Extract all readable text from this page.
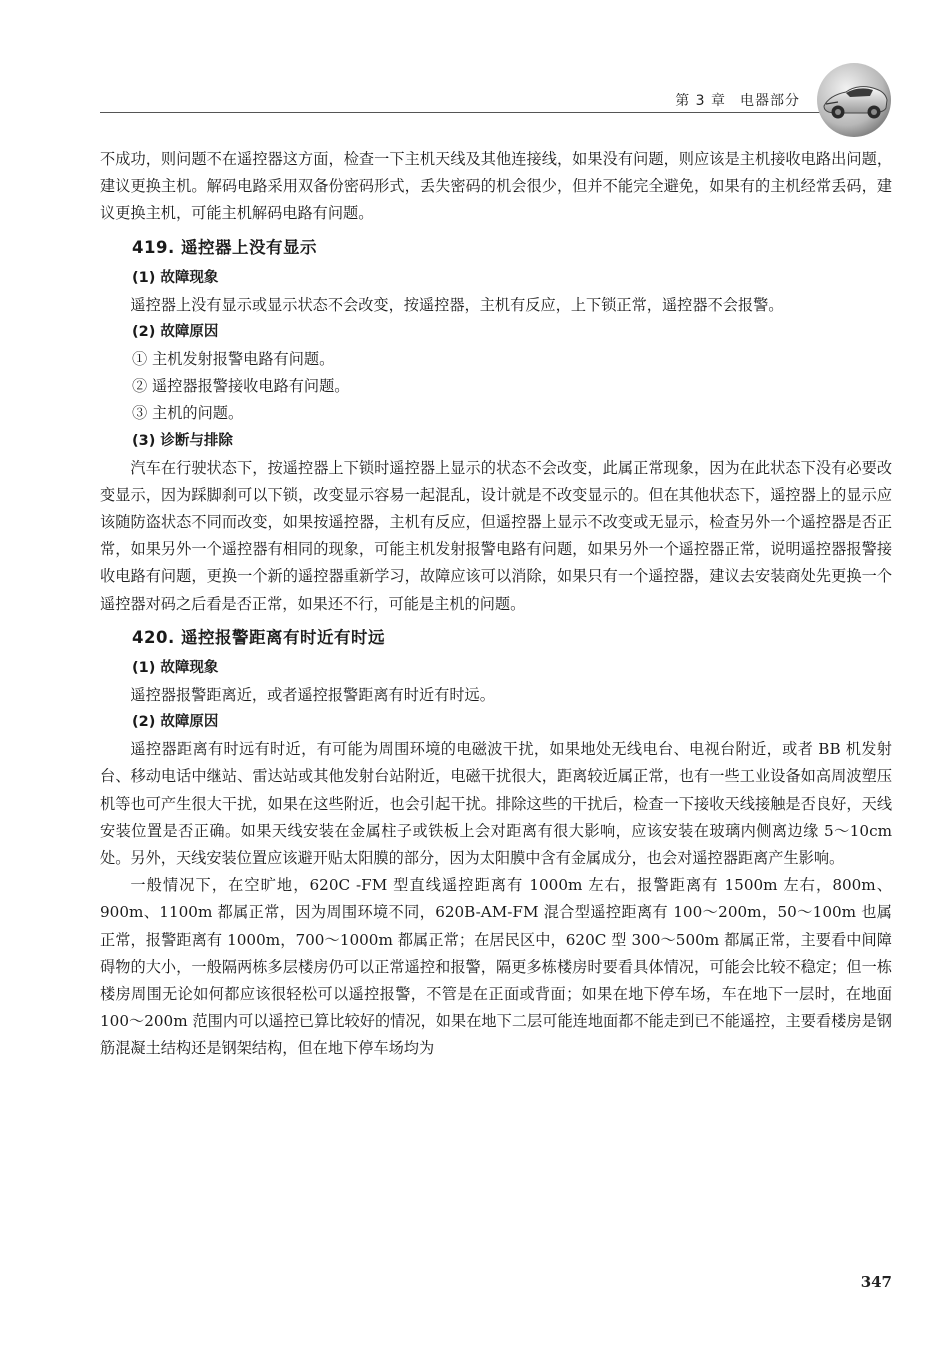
第 3 章 电器部分

不成功，则问题不在遥控器这方面，检查一下主机天线及其他连接线，如果没有问题，则应该是主机接收电路出问题，建议更换主机。解码电路采用双备份密码形式，丢失密码的机会很少，但并不能完全避免，如果有的主机经常丢码，建议更换主机，可能主机解码电路有问题。

419. 遥控器上没有显示
(1) 故障现象

遥控器上没有显示或显示状态不会改变，按遥控器，主机有反应，上下锁正常，遥控器不会报警。

(2) 故障原因

① 主机发射报警电路有问题。

② 遥控器报警接收电路有问题。

③ 主机的问题。

(3) 诊断与排除

汽车在行驶状态下，按遥控器上下锁时遥控器上显示的状态不会改变，此属正常现象，因为在此状态下没有必要改变显示，因为踩脚刹可以下锁，改变显示容易一起混乱，设计就是不改变显示的。但在其他状态下，遥控器上的显示应该随防盗状态不同而改变，如果按遥控器，主机有反应，但遥控器上显示不改变或无显示，检查另外一个遥控器是否正常，如果另外一个遥控器有相同的现象，可能主机发射报警电路有问题，如果另外一个遥控器正常，说明遥控器报警接收电路有问题，更换一个新的遥控器重新学习，故障应该可以消除，如果只有一个遥控器，建议去安装商处先更换一个遥控器对码之后看是否正常，如果还不行，可能是主机的问题。

420. 遥控报警距离有时近有时远
(1) 故障现象

遥控器报警距离近，或者遥控报警距离有时近有时远。

(2) 故障原因

遥控器距离有时远有时近，有可能为周围环境的电磁波干扰，如果地处无线电台、电视台附近，或者 BB 机发射台、移动电话中继站、雷达站或其他发射台站附近，电磁干扰很大，距离较近属正常，也有一些工业设备如高周波塑压机等也可产生很大干扰，如果在这些附近，也会引起干扰。排除这些的干扰后，检查一下接收天线接触是否良好，天线安装位置是否正确。如果天线安装在金属柱子或铁板上会对距离有很大影响，应该安装在玻璃内侧离边缘 5～10cm 处。另外，天线安装位置应该避开贴太阳膜的部分，因为太阳膜中含有金属成分，也会对遥控器距离产生影响。

一般情况下，在空旷地，620C -FM 型直线遥控距离有 1000m 左右，报警距离有 1500m 左右，800m、900m、1100m 都属正常，因为周围环境不同，620B-AM-FM 混合型遥控距离有 100～200m，50～100m 也属正常，报警距离有 1000m，700～1000m 都属正常；在居民区中，620C 型 300～500m 都属正常，主要看中间障碍物的大小，一般隔两栋多层楼房仍可以正常遥控和报警，隔更多栋楼房时要看具体情况，可能会比较不稳定；但一栋楼房周围无论如何都应该很轻松可以遥控报警，不管是在正面或背面；如果在地下停车场，车在地下一层时，在地面 100～200m 范围内可以遥控已算比较好的情况，如果在地下二层可能连地面都不能走到已不能遥控，主要看楼房是钢筋混凝土结构还是钢架结构，但在地下停车场均为

347
